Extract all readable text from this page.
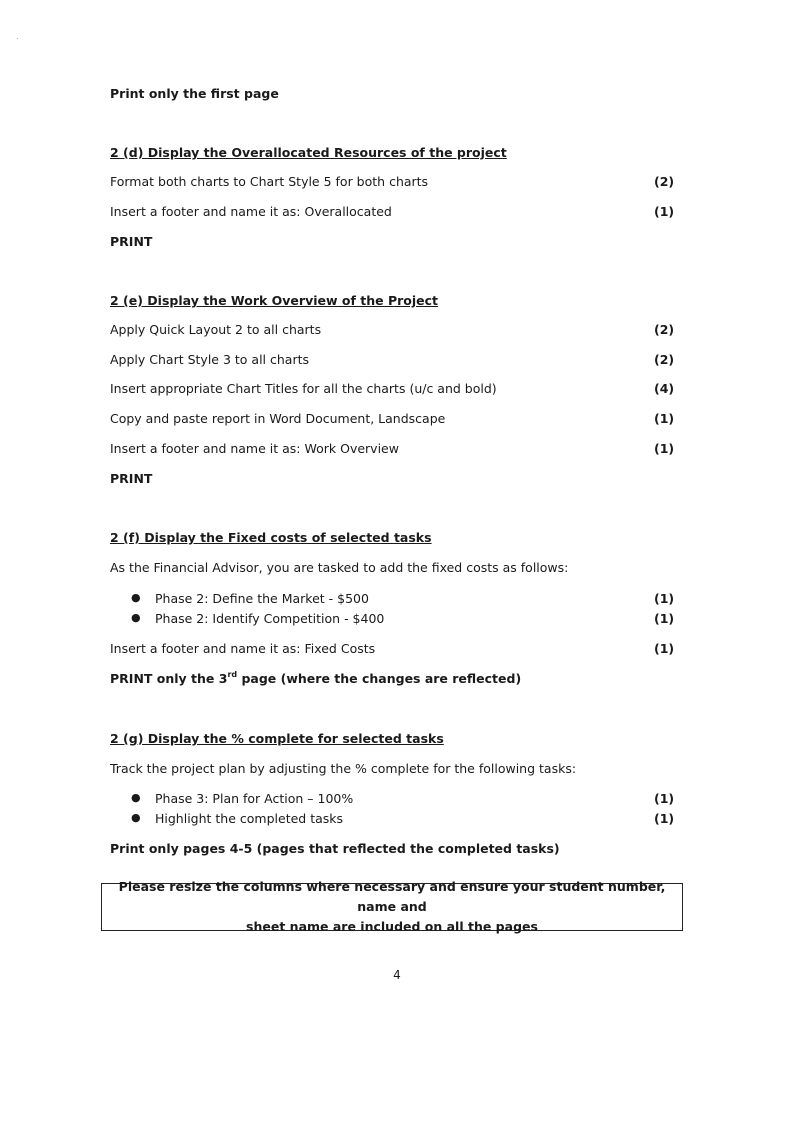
Print only the first page
2 (d) Display the Overallocated Resources of the project
Format both charts to Chart Style 5 for both charts	(2)
Insert a footer and name it as: Overallocated	(1)
PRINT
2 (e) Display the Work Overview of the Project
Apply Quick Layout 2 to all charts	(2)
Apply Chart Style 3 to all charts	(2)
Insert appropriate Chart Titles for all the charts (u/c and bold)	(4)
Copy and paste report in Word Document, Landscape	(1)
Insert a footer and name it as: Work Overview	(1)
PRINT
2 (f) Display the Fixed costs of selected tasks
As the Financial Advisor, you are tasked to add the fixed costs as follows:
● Phase 2: Define the Market - $500	(1)
● Phase 2: Identify Competition - $400	(1)
Insert a footer and name it as: Fixed Costs	(1)
PRINT only the 3rd page (where the changes are reflected)
2 (g) Display the % complete for selected tasks
Track the project plan by adjusting the % complete for the following tasks:
● Phase 3: Plan for Action – 100%	(1)
● Highlight the completed tasks	(1)
Print only pages 4-5 (pages that reflected the completed tasks)
Please resize the columns where necessary and ensure your student number, name and
sheet name are included on all the pages
4
